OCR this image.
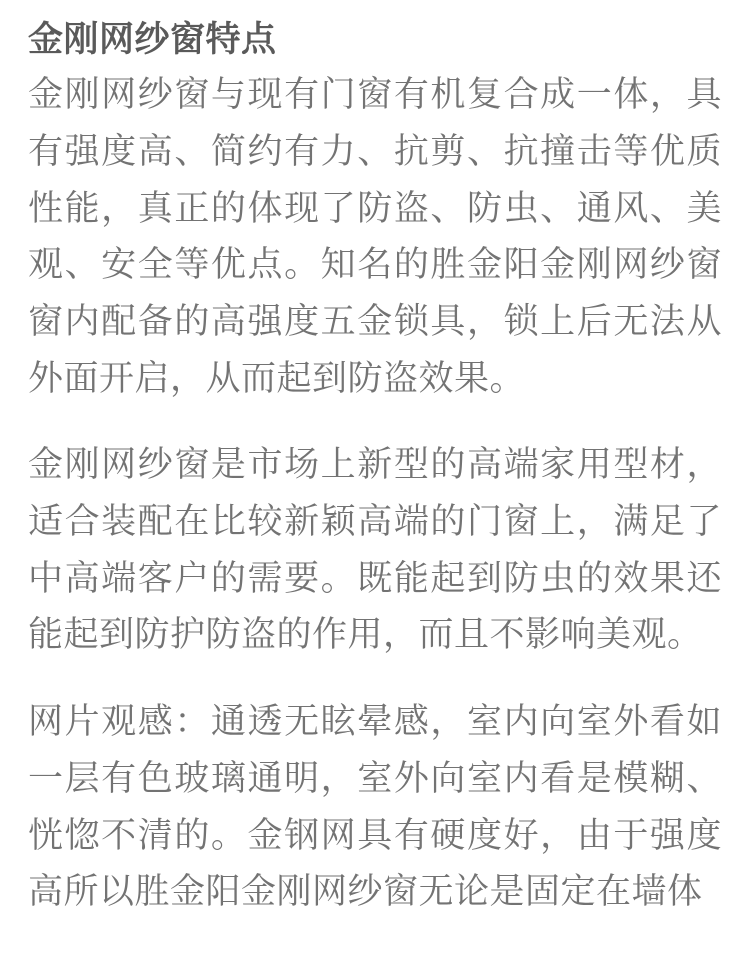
金刚网纱窗特点

金刚网纱窗与现有门窗有机复合成一体，具有强度高、简约有力、抗剪、抗撞击等优质性能，真正的体现了防盗、防虫、通风、美观、安全等优点。知名的胜金阳金刚网纱窗窗内配备的高强度五金锁具，锁上后无法从外面开启，从而起到防盗效果。

金刚网纱窗是市场上新型的高端家用型材，适合装配在比较新颖高端的门窗上，满足了中高端客户的需要。既能起到防虫的效果还能起到防护防盗的作用，而且不影响美观。

网片观感：通透无眩晕感，室内向室外看如一层有色玻璃通明，室外向室内看是模糊、恍惚不清的。金钢网具有硬度好，由于强度高所以胜金阳金刚网纱窗无论是固定在墙体
